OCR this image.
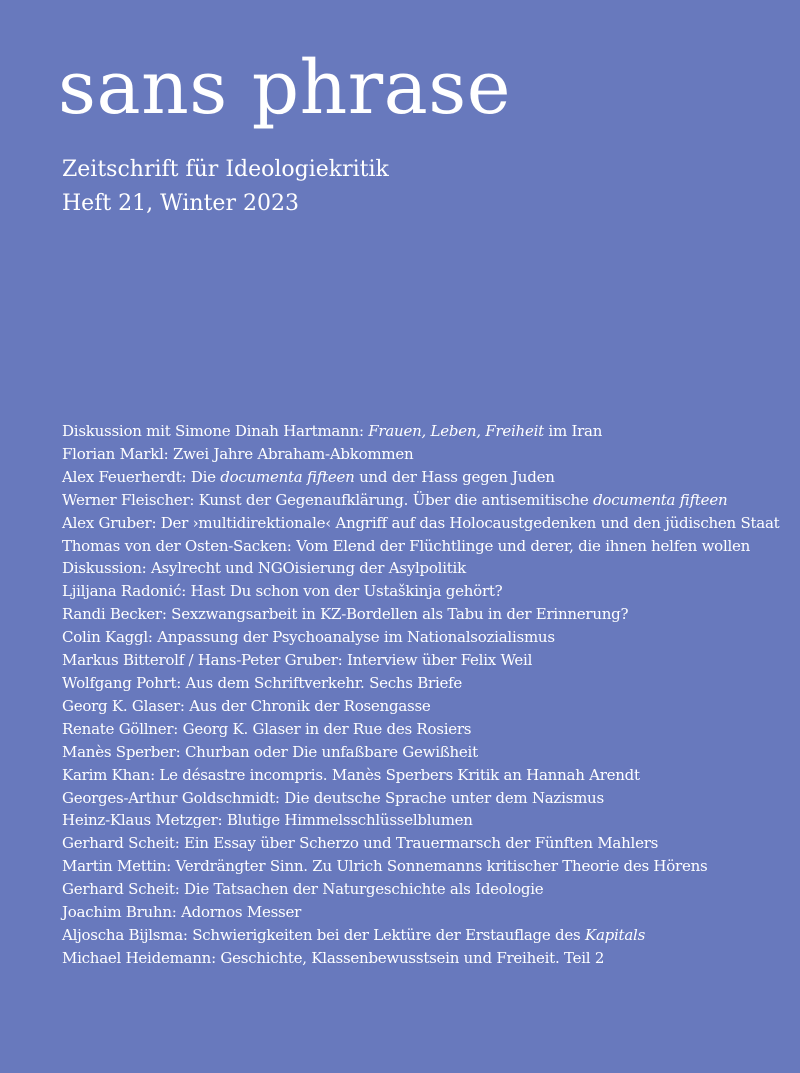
sans phrase
Zeitschrift für Ideologiekritik
Heft 21, Winter 2023
Diskussion mit Simone Dinah Hartmann: Frauen, Leben, Freiheit im Iran
Florian Markl: Zwei Jahre Abraham-Abkommen
Alex Feuerherdt: Die documenta fifteen und der Hass gegen Juden
Werner Fleischer: Kunst der Gegenaufklärung. Über die antisemitische documenta fifteen
Alex Gruber: Der ›multidirektionale‹ Angriff auf das Holocaustgedenken und den jüdischen Staat
Thomas von der Osten-Sacken: Vom Elend der Flüchtlinge und derer, die ihnen helfen wollen
Diskussion: Asylrecht und NGOisierung der Asylpolitik
Ljiljana Radonić: Hast Du schon von der Ustaškinja gehört?
Randi Becker: Sexzwangsarbeit in KZ-Bordellen als Tabu in der Erinnerung?
Colin Kaggl: Anpassung der Psychoanalyse im Nationalsozialismus
Markus Bitterolf / Hans-Peter Gruber: Interview über Felix Weil
Wolfgang Pohrt: Aus dem Schriftverkehr. Sechs Briefe
Georg K. Glaser: Aus der Chronik der Rosengasse
Renate Göllner: Georg K. Glaser in der Rue des Rosiers
Manès Sperber: Churban oder Die unfaßbare Gewißheit
Karim Khan: Le désastre incompris. Manès Sperbers Kritik an Hannah Arendt
Georges-Arthur Goldschmidt: Die deutsche Sprache unter dem Nazismus
Heinz-Klaus Metzger: Blutige Himmelsschlüsselblumen
Gerhard Scheit: Ein Essay über Scherzo und Trauermarsch der Fünften Mahlers
Martin Mettin: Verdrängter Sinn. Zu Ulrich Sonnemanns kritischer Theorie des Hörens
Gerhard Scheit: Die Tatsachen der Naturgeschichte als Ideologie
Joachim Bruhn: Adornos Messer
Aljoscha Bijlsma: Schwierigkeiten bei der Lektüre der Erstauflage des Kapitals
Michael Heidemann: Geschichte, Klassenbewusstsein und Freiheit. Teil 2
